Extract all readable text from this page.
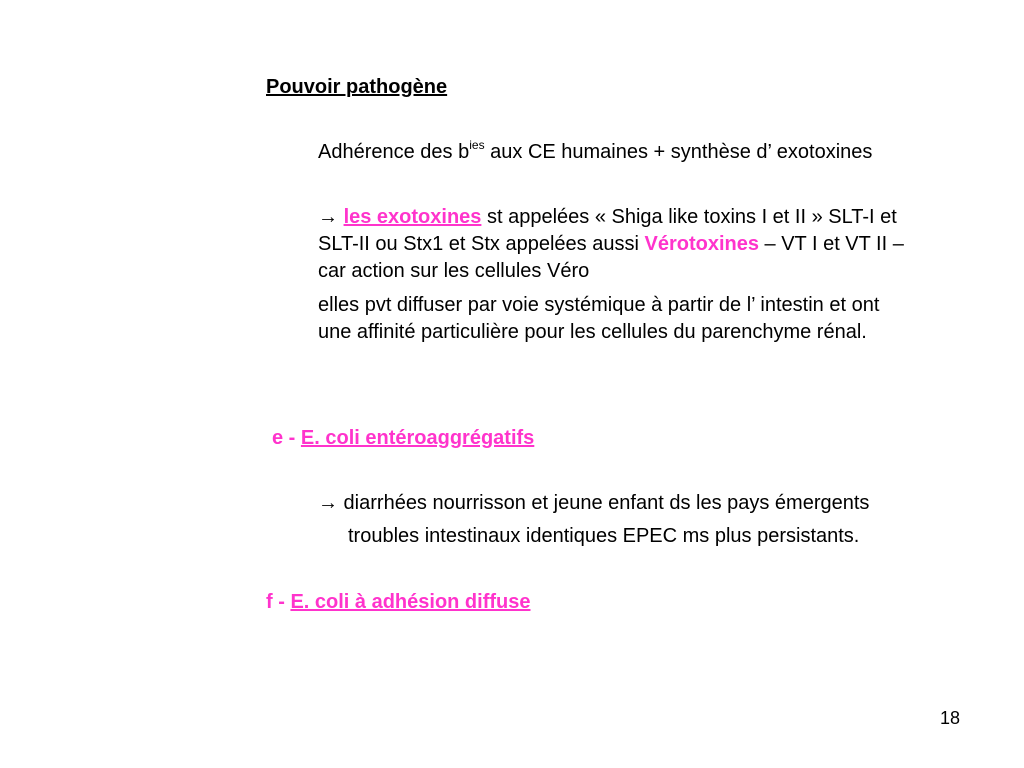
Pouvoir pathogène
Adhérence des $b^{ies}$ aux CE humaines + synthèse d’ exotoxines
→ les exotoxines st appelées « Shiga like toxins I et II » SLT-I et
SLT-II ou Stx1 et Stx appelées aussi Vérotoxines – VT I et VT II –
car action sur les cellules Véro
elles pvt diffuser par voie systémique à partir de l’ intestin et ont
une affinité particulière pour les cellules du parenchyme rénal.
e - E. coli entéroaggrégatifs
→ diarrhées nourrisson et jeune enfant ds les pays émergents
troubles intestinaux identiques EPEC ms plus persistants.
f - E. coli à adhésion diffuse
18
